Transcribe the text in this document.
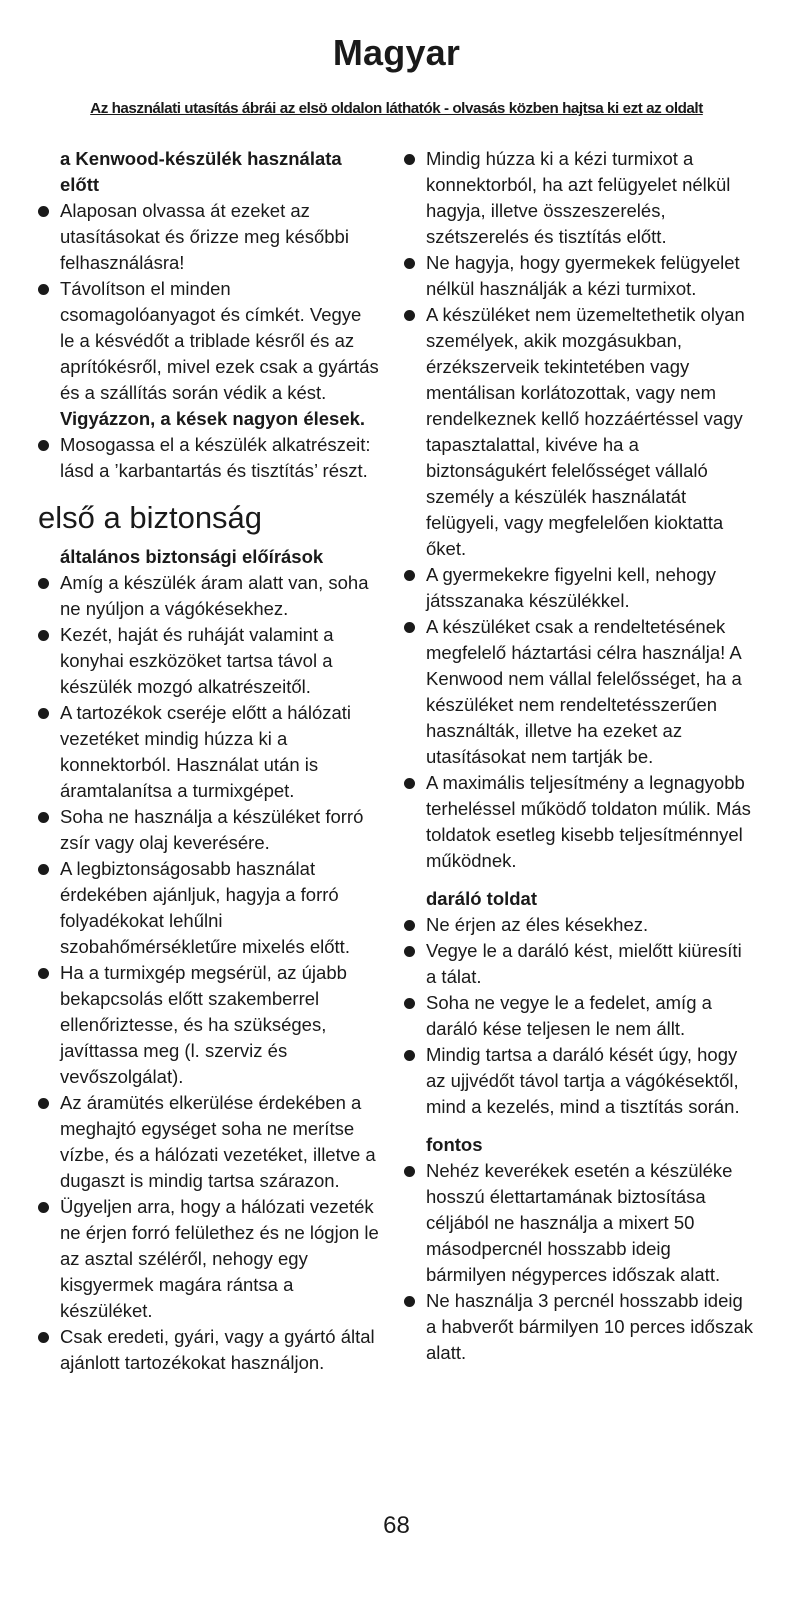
Magyar

Az használati utasítás ábrái az elsö oldalon láthatók - olvasás közben hajtsa ki ezt az oldalt

a Kenwood-készülék használata előtt

Alaposan olvassa át ezeket az utasításokat és őrizze meg későbbi felhasználásra!
Távolítson el minden csomagolóanyagot és címkét. Vegye le a késvédőt a triblade késről és az aprítókésről, mivel ezek csak a gyártás és a szállítás során védik a kést. Vigyázzon, a kések nagyon élesek.
Mosogassa el a készülék alkatrészeit: lásd a ’karbantartás és tisztítás’ részt.
első a biztonság

általános biztonsági előírások

Amíg a készülék áram alatt van, soha ne nyúljon a vágókésekhez.
Kezét, haját és ruháját valamint a konyhai eszközöket tartsa távol a készülék mozgó alkatrészeitől.
A tartozékok cseréje előtt a hálózati vezetéket mindig húzza ki a konnektorból. Használat után is áramtalanítsa a turmixgépet.
Soha ne használja a készüléket forró zsír vagy olaj keverésére.
A legbiztonságosabb használat érdekében ajánljuk, hagyja a forró folyadékokat lehűlni szobahőmérsékletűre mixelés előtt.
Ha a turmixgép megsérül, az újabb bekapcsolás előtt szakemberrel ellenőriztesse, és ha szükséges, javíttassa meg (l. szerviz és vevőszolgálat).
Az áramütés elkerülése érdekében a meghajtó egységet soha ne merítse vízbe, és a hálózati vezetéket, illetve a dugaszt is mindig tartsa szárazon.
Ügyeljen arra, hogy a hálózati vezeték ne érjen forró felülethez és ne lógjon le az asztal széléről, nehogy egy kisgyermek magára rántsa a készüléket.
Csak eredeti, gyári, vagy a gyártó által ajánlott tartozékokat használjon.
Mindig húzza ki a kézi turmixot a konnektorból, ha azt felügyelet nélkül hagyja, illetve összeszerelés, szétszerelés és tisztítás előtt.
Ne hagyja, hogy gyermekek felügyelet nélkül használják a kézi turmixot.
A készüléket nem üzemeltethetik olyan személyek, akik mozgásukban, érzékszerveik tekintetében vagy mentálisan korlátozottak, vagy nem rendelkeznek kellő hozzáértéssel vagy tapasztalattal, kivéve ha a biztonságukért felelősséget vállaló személy a készülék használatát felügyeli, vagy megfelelően kioktatta őket.
A gyermekekre figyelni kell, nehogy játsszanaka készülékkel.
A készüléket csak a rendeltetésének megfelelő háztartási célra használja! A Kenwood nem vállal felelősséget, ha a készüléket nem rendeltetésszerűen használták, illetve ha ezeket az utasításokat nem tartják be.
A maximális teljesítmény a legnagyobb terheléssel működő toldaton múlik. Más toldatok esetleg kisebb teljesítménnyel működnek.

daráló toldat

Ne érjen az éles késekhez.
Vegye le a daráló kést, mielőtt kiüresíti a tálat.
Soha ne vegye le a fedelet, amíg a daráló kése teljesen le nem állt.
Mindig tartsa a daráló kését úgy, hogy az ujjvédőt távol tartja a vágókésektől, mind a kezelés, mind a tisztítás során.

fontos

Nehéz keverékek esetén a készüléke hosszú élettartamának biztosítása céljából ne használja a mixert 50 másodpercnél hosszabb ideig bármilyen négyperces időszak alatt.
Ne használja 3 percnél hosszabb ideig a habverőt bármilyen 10 perces időszak alatt.

68
